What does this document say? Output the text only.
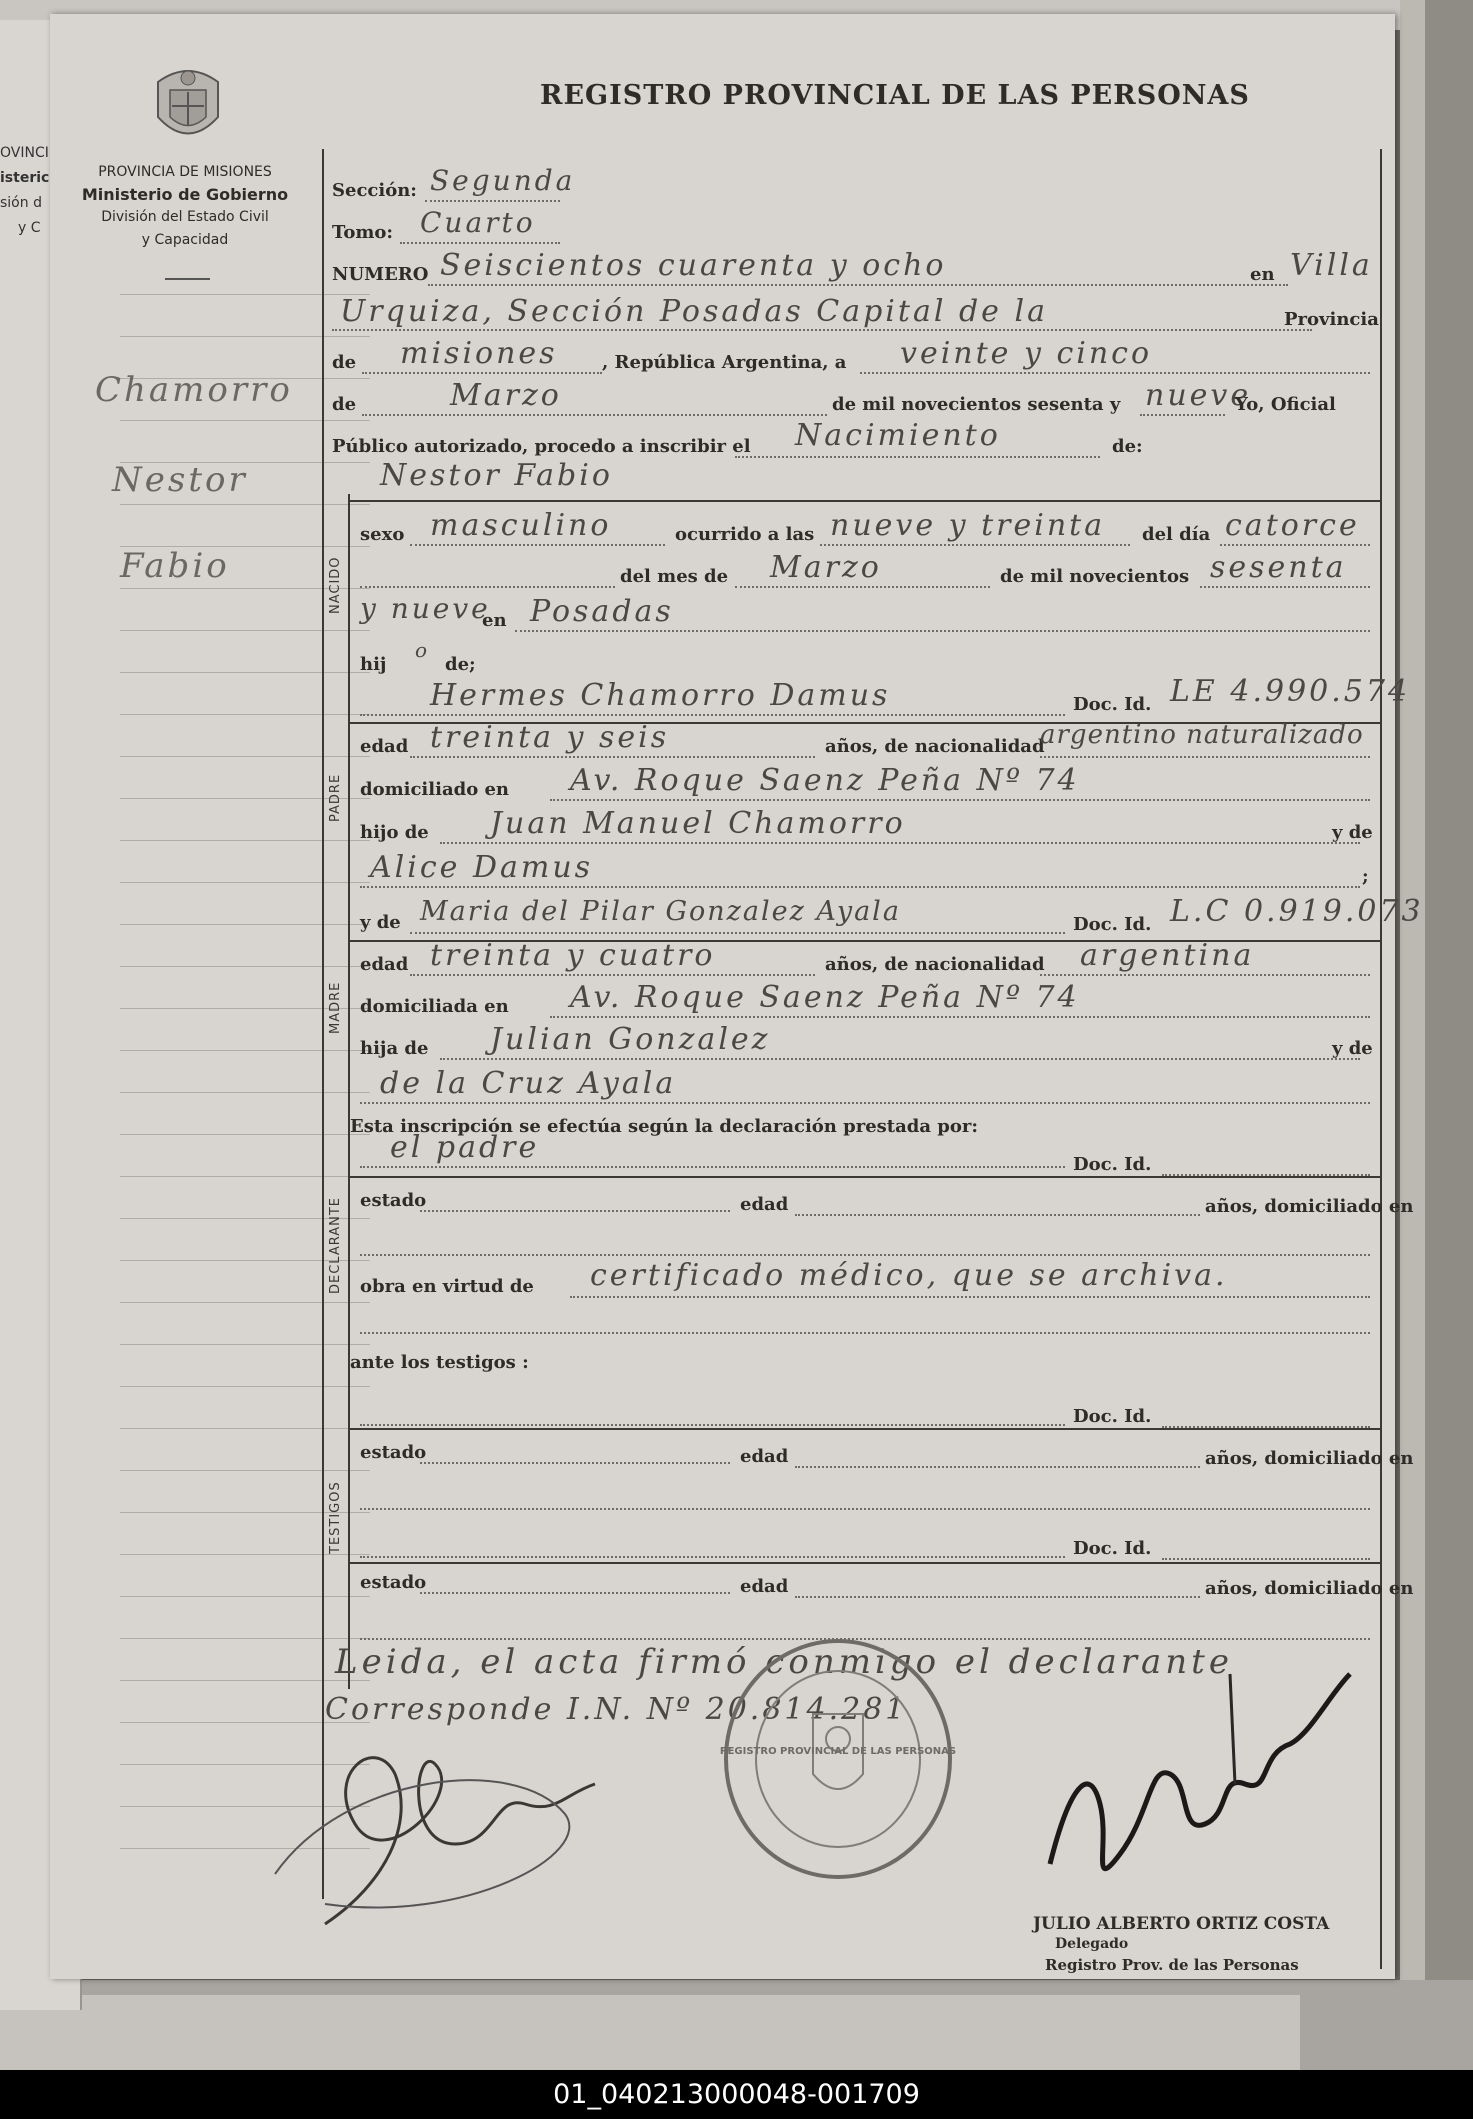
OVINCI
isteric
sión d
y C
PROVINCIA DE MISIONES
Ministerio de Gobierno
División del Estado Civil
y Capacidad
REGISTRO PROVINCIAL DE LAS PERSONAS
Chamorro
Nestor
Fabio
Sección: Segunda
Tomo: Cuarto
NUMERO Seiscientos cuarenta y ocho	en Villa
Urquiza, Sección Posadas Capital de la	Provincia
de misiones , República Argentina, a veinte y cinco
de	Marzo	de mil novecientos sesenta y nueve
Yo, Oficial
Público autorizado, procedo a inscribir el Nacimiento	de:
Nestor Fabio
NACIDO
sexo masculino	ocurrido a las nueve y treinta del día catorce
del mes de Marzo	de mil novecientos sesenta
y nueve
en Posadas
hij
o
de;
Hermes Chamorro Damus	Doc. Id. LE 4.990.574
PADRE
edad treinta y seis	años, de nacionalidad
argentino naturalizado
domiciliado en Av. Roque Saenz Peña Nº 74
hijo de Juan Manuel Chamorro	y de
Alice Damus	;
y de Maria del Pilar Gonzalez Ayala	Doc. Id. L.C 0.919.073
MADRE
edad treinta y cuatro	años, de nacionalidad argentina
domiciliada en Av. Roque Saenz Peña Nº 74
hija de Julian Gonzalez	y de
de la Cruz Ayala
Esta inscripción se efectúa según la declaración prestada por:
el padre	Doc. Id.
DECLARANTE estado	edad	años, domiciliado en
obra en virtud de certificado médico, que se archiva.
ante los testigos :
Doc. Id.
TESTIGOS
estado	edad	años, domiciliado en
Doc. Id.
estado	edad	años, domiciliado en
Leida, el acta firmó conmigo el declarante
Corresponde I.N. Nº 20.814.281
REGISTRO PROVINCIAL DE LAS PERSONAS
JULIO ALBERTO ORTIZ COSTA
Delegado
Registro Prov. de las Personas
01_040213000048-001709
